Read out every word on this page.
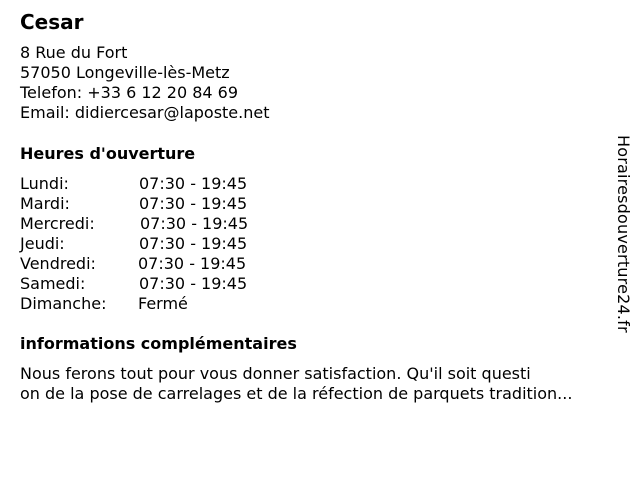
Cesar
8 Rue du Fort
57050 Longeville-lès-Metz
Telefon: +33 6 12 20 84 69
Email: didiercesar@laposte.net
Heures d'ouverture
Lundi:	07:30 - 19:45
Mardi:	07:30 - 19:45
Mercredi:	07:30 - 19:45
Jeudi:	07:30 - 19:45
Vendredi:	07:30 - 19:45
Samedi:	07:30 - 19:45
Dimanche: Fermé
informations complémentaires
Nous ferons tout pour vous donner satisfaction. Qu'il soit questi
on de la pose de carrelages et de la réfection de parquets tradition...
Horairesdouverture24.fr
